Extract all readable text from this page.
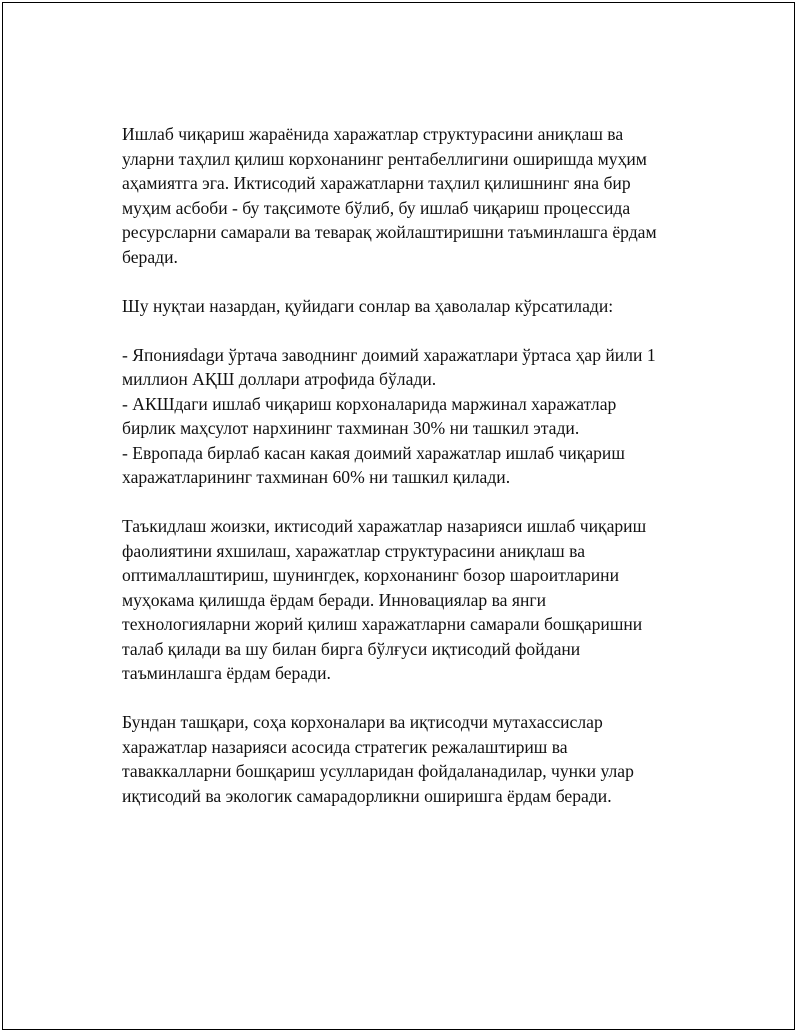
Ишлаб чиқариш жараёнида харажатлар структурасини аниқлаш ва
уларни таҳлил қилиш корхонанинг рентабеллигини оширишда муҳим
аҳамиятга эга. Иктисодий харажатларни таҳлил қилишнинг яна бир
муҳим асбоби - бу тақсимоте бўлиб, бу ишлаб чиқариш процессида
ресурсларни самарали ва теварақ жойлаштиришни таъминлашга ёрдам
беради.

Шу нуқтаи назардан, қуйидаги сонлар ва ҳаволалар кўрсатилади:

- Японияdagи ўртача заводнинг доимий харажатлари ўртаса ҳар йили 1
миллион АҚШ доллари атрофида бўлади.
- АКШдаги ишлаб чиқариш корхоналарида маржинал харажатлар
бирлик маҳсулот нархининг тахминан 30% ни ташкил этади.
- Европада бирлаб касан какая доимий харажатлар ишлаб чиқариш
харажатларининг тахминан 60% ни ташкил қилади.

Таъкидлаш жоизки, иктисодий харажатлар назарияси ишлаб чиқариш
фаолиятини яхшилаш, харажатлар структурасини аниқлаш ва
оптималлаштириш, шунингдек, корхонанинг бозор шароитларини
муҳокама қилишда ёрдам беради. Инновациялар ва янги
технологияларни жорий қилиш харажатларни самарали бошқаришни
талаб қилади ва шу билан бирга бўлғуси иқтисодий фойдани
таъминлашга ёрдам беради.

Бундан ташқари, соҳа корхоналари ва иқтисодчи мутахассислар
харажатлар назарияси асосида стратегик режалаштириш ва
таваккалларни бошқариш усулларидан фойдаланадилар, чунки улар
иқтисодий ва экологик самарадорликни оширишга ёрдам беради.
